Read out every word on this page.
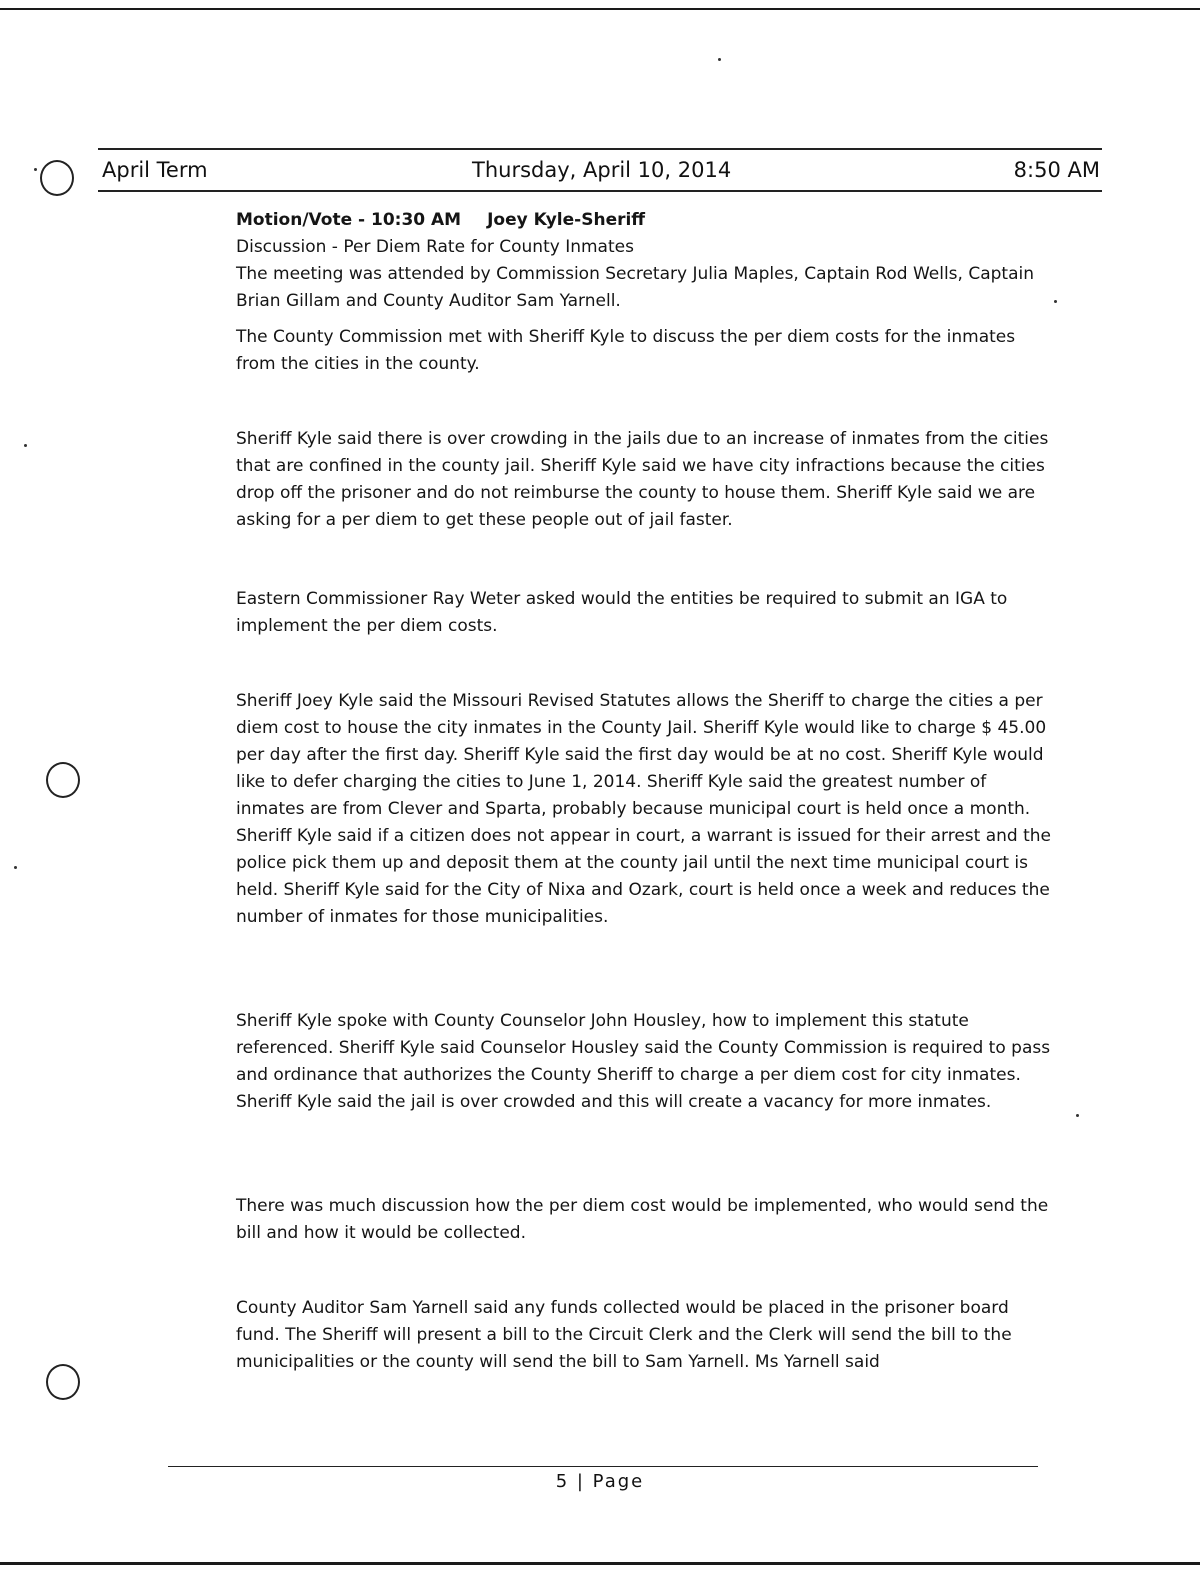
April Term	Thursday, April 10, 2014	8:50 AM
Motion/Vote - 10:30 AM Joey Kyle-Sheriff
Discussion - Per Diem Rate for County Inmates
The meeting was attended by Commission Secretary Julia Maples, Captain Rod Wells, Captain Brian Gillam and County Auditor Sam Yarnell.
The County Commission met with Sheriff Kyle to discuss the per diem costs for the inmates from the cities in the county.
Sheriff Kyle said there is over crowding in the jails due to an increase of inmates from the cities that are confined in the county jail. Sheriff Kyle said we have city infractions because the cities drop off the prisoner and do not reimburse the county to house them. Sheriff Kyle said we are asking for a per diem to get these people out of jail faster.
Eastern Commissioner Ray Weter asked would the entities be required to submit an IGA to implement the per diem costs.
Sheriff Joey Kyle said the Missouri Revised Statutes allows the Sheriff to charge the cities a per diem cost to house the city inmates in the County Jail. Sheriff Kyle would like to charge $ 45.00 per day after the first day. Sheriff Kyle said the first day would be at no cost. Sheriff Kyle would like to defer charging the cities to June 1, 2014. Sheriff Kyle said the greatest number of inmates are from Clever and Sparta, probably because municipal court is held once a month. Sheriff Kyle said if a citizen does not appear in court, a warrant is issued for their arrest and the police pick them up and deposit them at the county jail until the next time municipal court is held. Sheriff Kyle said for the City of Nixa and Ozark, court is held once a week and reduces the number of inmates for those municipalities.
Sheriff Kyle spoke with County Counselor John Housley, how to implement this statute referenced. Sheriff Kyle said Counselor Housley said the County Commission is required to pass and ordinance that authorizes the County Sheriff to charge a per diem cost for city inmates. Sheriff Kyle said the jail is over crowded and this will create a vacancy for more inmates.
There was much discussion how the per diem cost would be implemented, who would send the bill and how it would be collected.
County Auditor Sam Yarnell said any funds collected would be placed in the prisoner board fund. The Sheriff will present a bill to the Circuit Clerk and the Clerk will send the bill to the municipalities or the county will send the bill to Sam Yarnell. Ms Yarnell said
5 | Page
